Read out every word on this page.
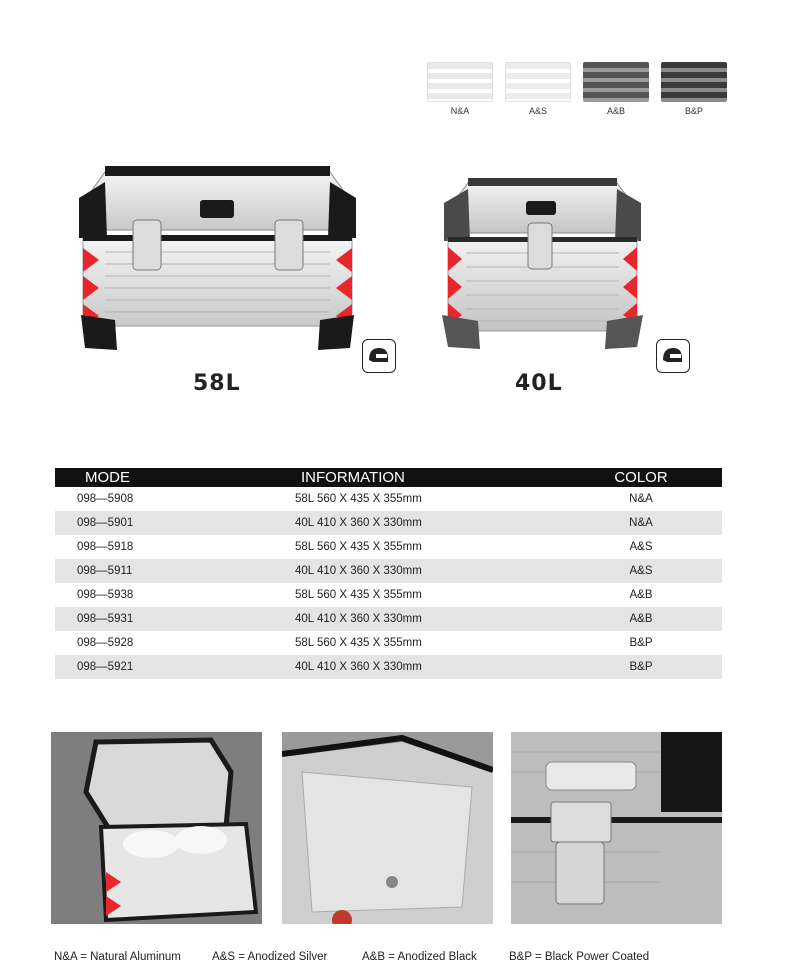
N&A	A&S	A&B	B&P
58L	40L
MODE	INFORMATION	COLOR
098—5908	58L 560 X 435 X 355mm	N&A
098—5901	40L 410 X 360 X 330mm	N&A
098—5918	58L 560 X 435 X 355mm	A&S
098—5911	40L 410 X 360 X 330mm	A&S
098—5938	58L 560 X 435 X 355mm	A&B
098—5931	40L 410 X 360 X 330mm	A&B
098—5928	58L 560 X 435 X 355mm	B&P
098—5921	40L 410 X 360 X 330mm	B&P
N&A = Natural Aluminum	A&S = Anodized Silver	A&B = Anodized Black	B&P = Black Power Coated
